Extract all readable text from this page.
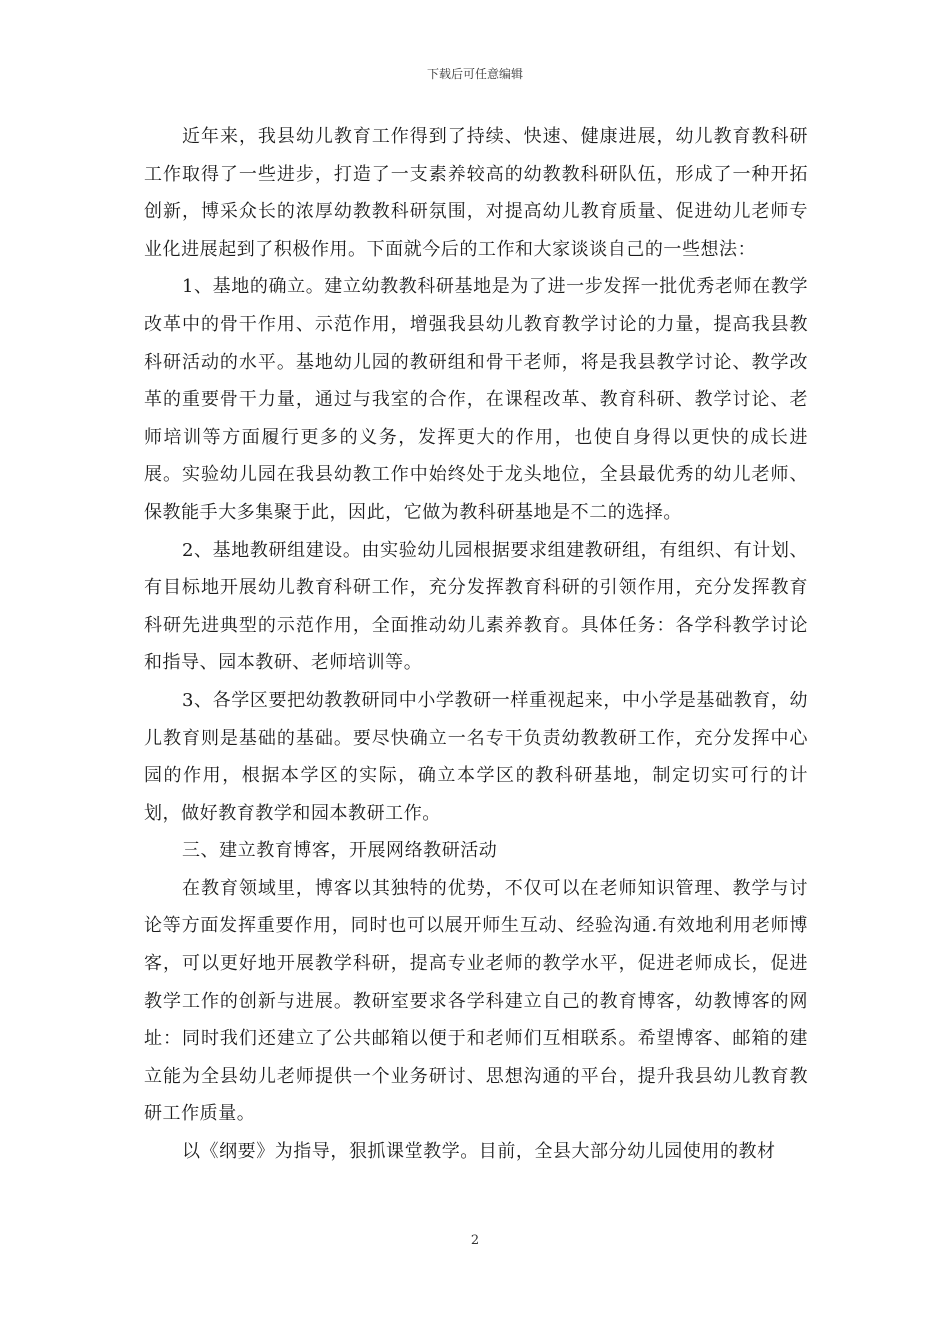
下载后可任意编辑

近年来，我县幼儿教育工作得到了持续、快速、健康进展，幼儿教育教科研工作取得了一些进步，打造了一支素养较高的幼教教科研队伍，形成了一种开拓创新，博采众长的浓厚幼教教科研氛围，对提高幼儿教育质量、促进幼儿老师专业化进展起到了积极作用。下面就今后的工作和大家谈谈自己的一些想法：

1、基地的确立。建立幼教教科研基地是为了进一步发挥一批优秀老师在教学改革中的骨干作用、示范作用，增强我县幼儿教育教学讨论的力量，提高我县教科研活动的水平。基地幼儿园的教研组和骨干老师，将是我县教学讨论、教学改革的重要骨干力量，通过与我室的合作，在课程改革、教育科研、教学讨论、老师培训等方面履行更多的义务，发挥更大的作用，也使自身得以更快的成长进展。实验幼儿园在我县幼教工作中始终处于龙头地位，全县最优秀的幼儿老师、保教能手大多集聚于此，因此，它做为教科研基地是不二的选择。

2、基地教研组建设。由实验幼儿园根据要求组建教研组，有组织、有计划、有目标地开展幼儿教育科研工作，充分发挥教育科研的引领作用，充分发挥教育科研先进典型的示范作用，全面推动幼儿素养教育。具体任务：各学科教学讨论和指导、园本教研、老师培训等。

3、各学区要把幼教教研同中小学教研一样重视起来，中小学是基础教育，幼儿教育则是基础的基础。要尽快确立一名专干负责幼教教研工作，充分发挥中心园的作用，根据本学区的实际，确立本学区的教科研基地，制定切实可行的计划，做好教育教学和园本教研工作。

三、建立教育博客，开展网络教研活动

在教育领域里，博客以其独特的优势，不仅可以在老师知识管理、教学与讨论等方面发挥重要作用，同时也可以展开师生互动、经验沟通.有效地利用老师博客，可以更好地开展教学科研，提高专业老师的教学水平，促进老师成长，促进教学工作的创新与进展。教研室要求各学科建立自己的教育博客，幼教博客的网址：同时我们还建立了公共邮箱以便于和老师们互相联系。希望博客、邮箱的建立能为全县幼儿老师提供一个业务研讨、思想沟通的平台，提升我县幼儿教育教研工作质量。

以《纲要》为指导，狠抓课堂教学。目前，全县大部分幼儿园使用的教材

2
